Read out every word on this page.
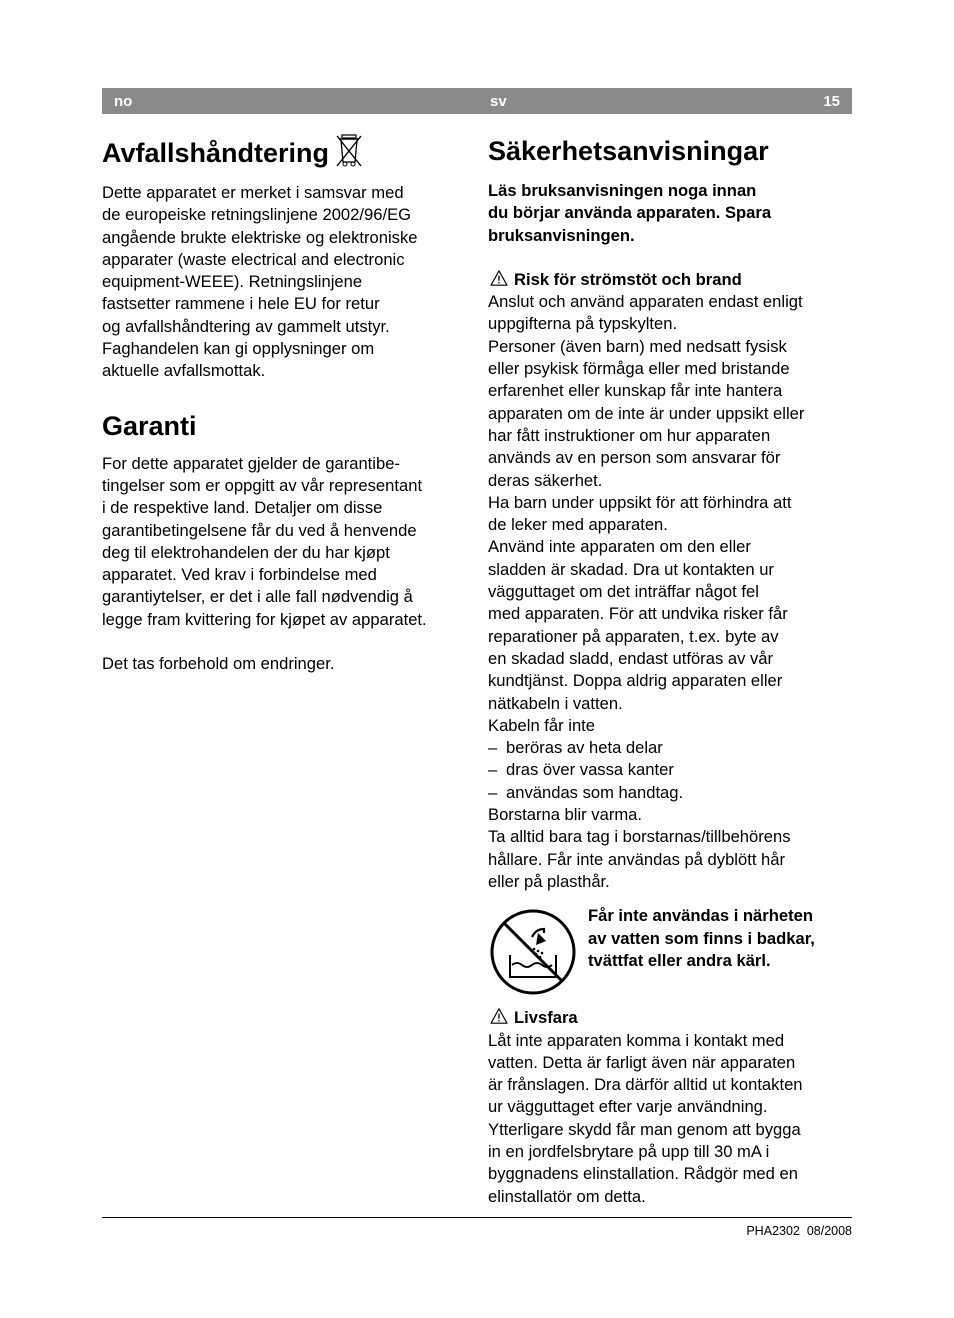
no	sv	15
Avfallshåndtering

Dette apparatet er merket i samsvar med
de europeiske retningslinjene 2002/96/EG
angående brukte elektriske og elektroniske
apparater (waste electrical and electronic
equipment-WEEE). Retningslinjene
fastsetter rammene i hele EU for retur
og avfallshåndtering av gammelt utstyr.
Faghandelen kan gi opplysninger om
aktuelle avfallsmottak.

Garanti

For dette apparatet gjelder de garantibe-
tingelser som er oppgitt av vår representant
i de respektive land. Detaljer om disse
garantibetingelsene får du ved å henvende
deg til elektrohandelen der du har kjøpt
apparatet. Ved krav i forbindelse med
garantiytelser, er det i alle fall nødvendig å
legge fram kvittering for kjøpet av apparatet.

Det tas forbehold om endringer.

Säkerhetsanvisningar

Läs bruksanvisningen noga innan
du börjar använda apparaten. Spara
bruksanvisningen.

Risk för strömstöt och brand

Anslut och använd apparaten endast enligt
uppgifterna på typskylten.
Personer (även barn) med nedsatt fysisk
eller psykisk förmåga eller med bristande
erfarenhet eller kunskap får inte hantera
apparaten om de inte är under uppsikt eller
har fått instruktioner om hur apparaten
används av en person som ansvarar för
deras säkerhet.
Ha barn under uppsikt för att förhindra att
de leker med apparaten.
Använd inte apparaten om den eller
sladden är skadad. Dra ut kontakten ur
vägguttaget om det inträffar något fel
med apparaten. För att undvika risker får
reparationer på apparaten, t.ex. byte av
en skadad sladd, endast utföras av vår
kundtjänst. Doppa aldrig apparaten eller
nätkabeln i vatten.
Kabeln får inte

– beröras av heta delar
– dras över vassa kanter
– användas som handtag.

Borstarna blir varma.
Ta alltid bara tag i borstarnas/tillbehörens
hållare. Får inte användas på dyblött hår
eller på plasthår.

Får inte användas i närheten
av vatten som finns i badkar,
tvättfat eller andra kärl.

Livsfara

Låt inte apparaten komma i kontakt med
vatten. Detta är farligt även när apparaten
är frånslagen. Dra därför alltid ut kontakten
ur vägguttaget efter varje användning.
Ytterligare skydd får man genom att bygga
in en jordfelsbrytare på upp till 30 mA i
byggnadens elinstallation. Rådgör med en
elinstallatör om detta.

PHA2302 08/2008
